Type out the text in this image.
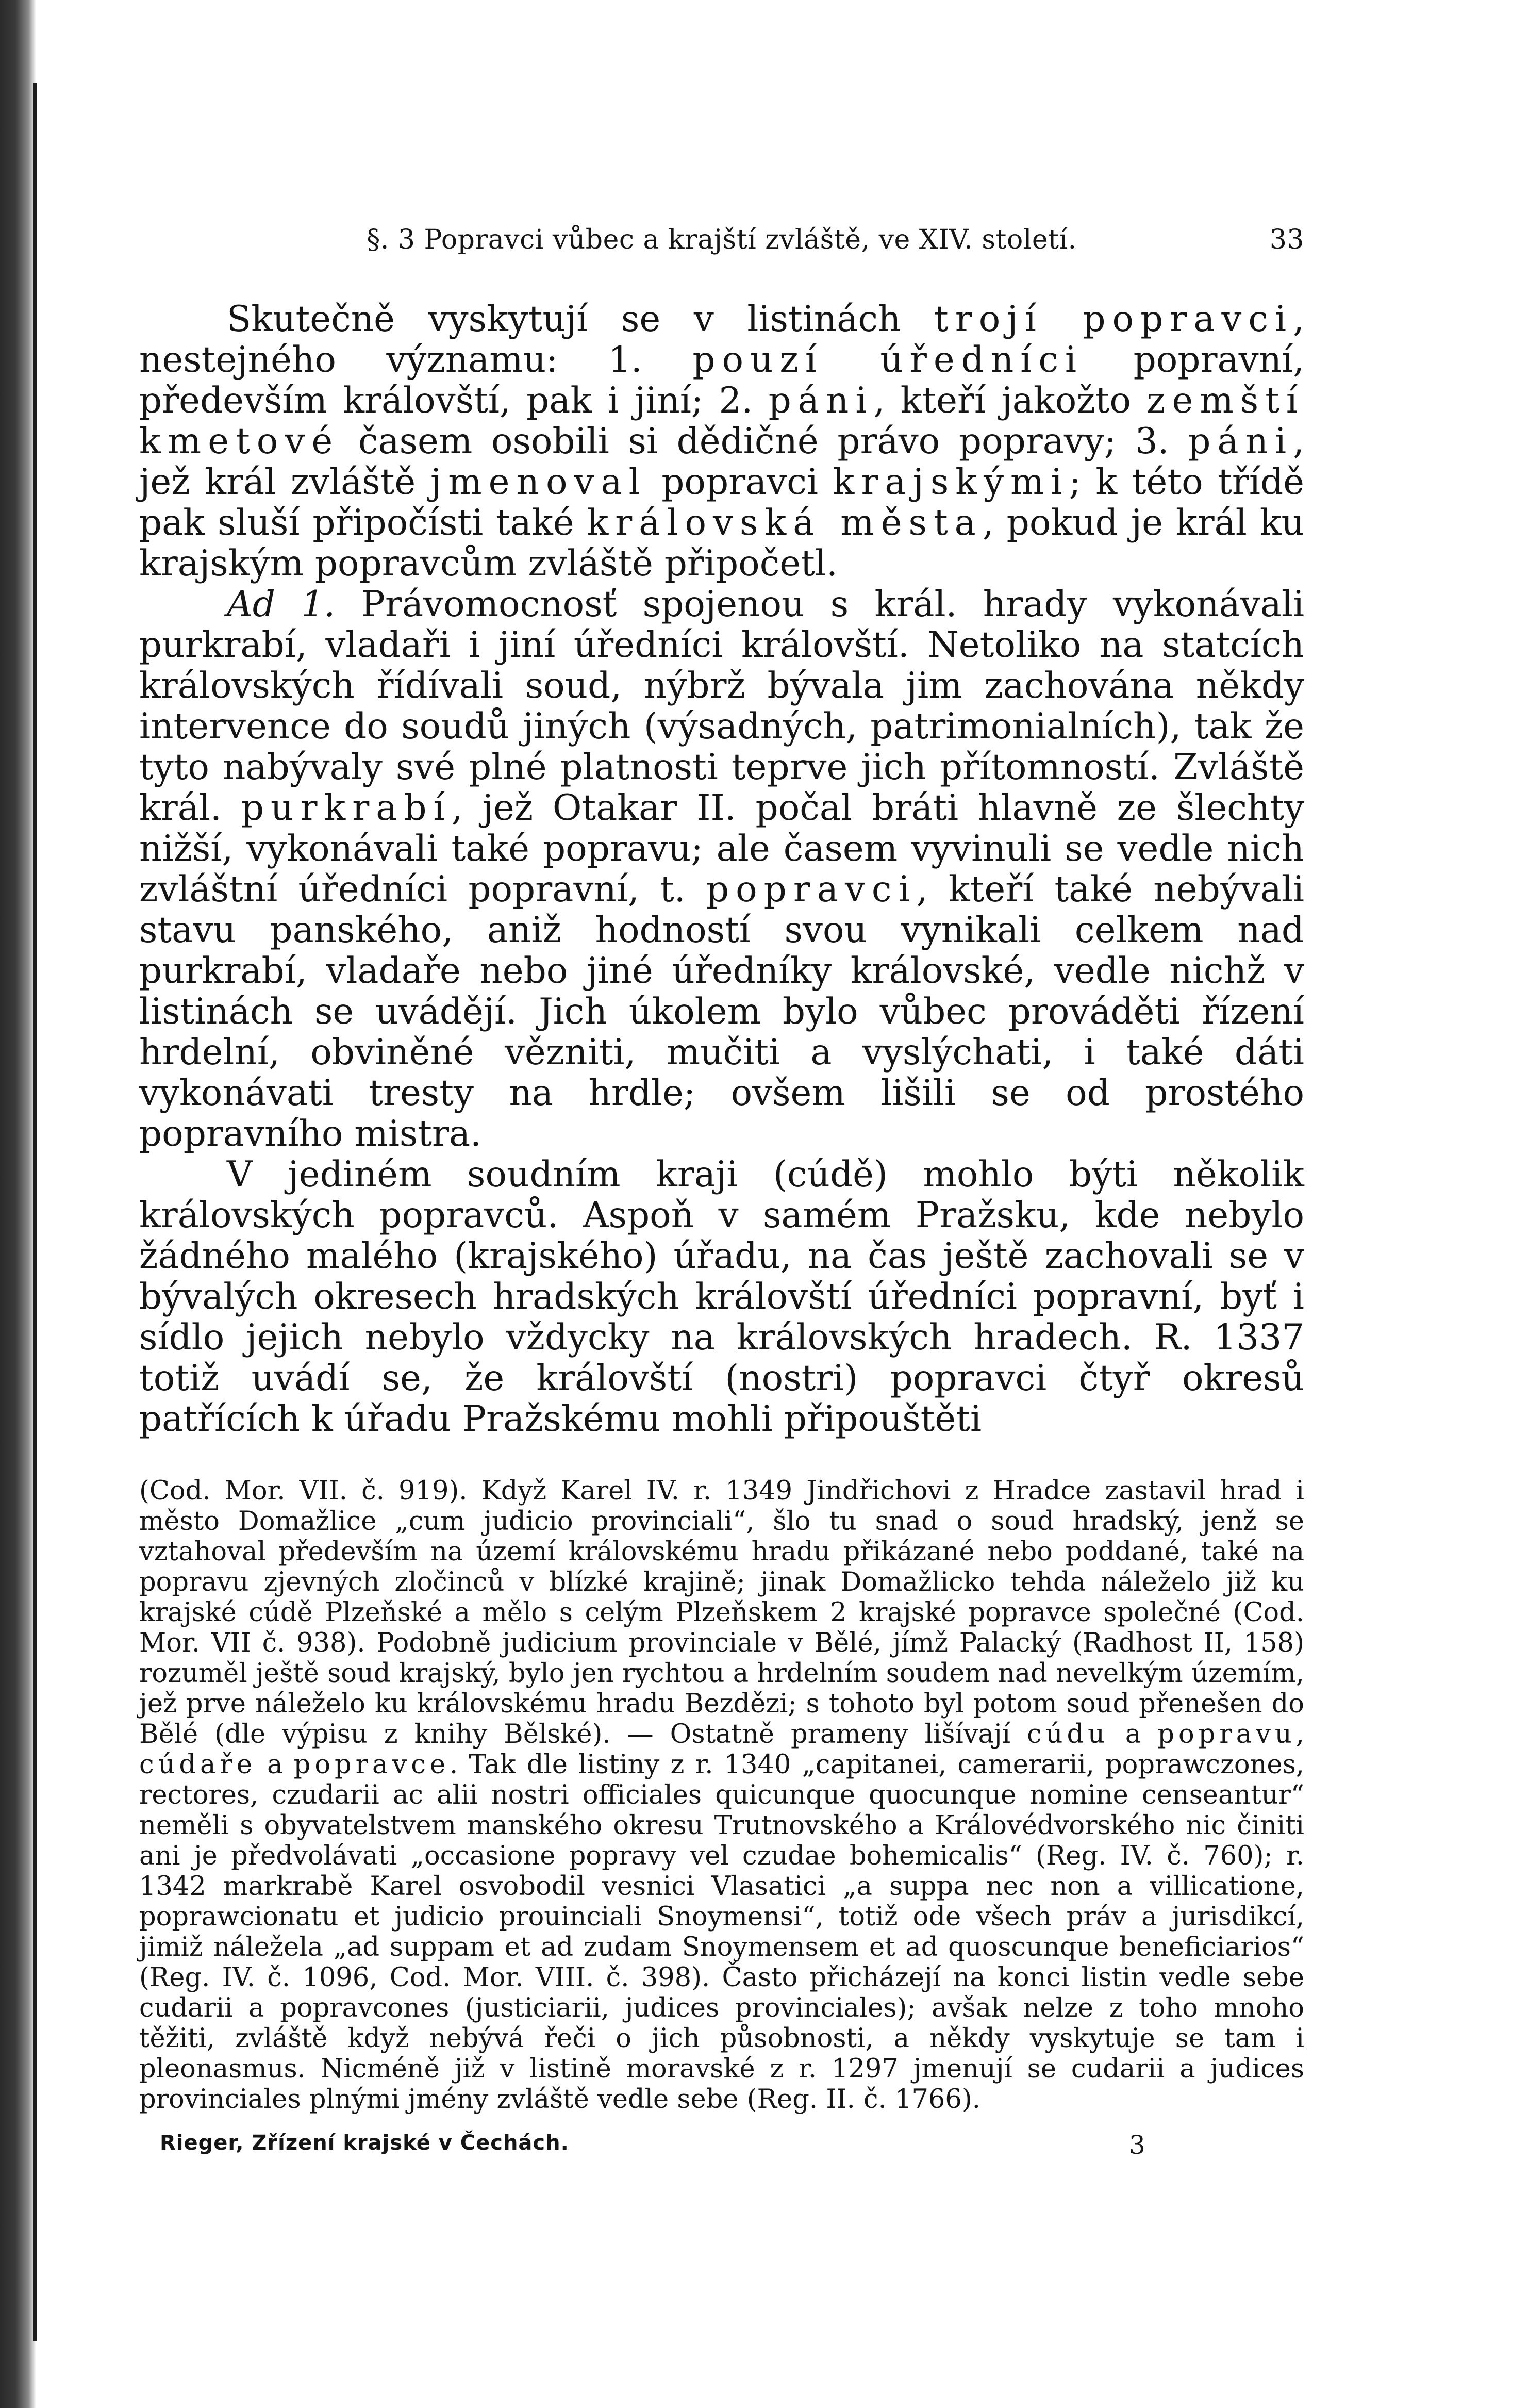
§. 3 Popravci vůbec a krajští zvláště, ve XIV. století.	33

Skutečně vyskytují se v listinách trojí popravci, nestejného významu: 1. pouzí úředníci popravní, především královští, pak i jiní; 2. páni, kteří jakožto zemští kmetové časem osobili si dědičné právo popravy; 3. páni, jež král zvláště jmenoval popravci krajskými; k této třídě pak sluší připočísti také královská města, pokud je král ku krajským popravcům zvláště připočetl.

Ad 1. Právomocnosť spojenou s král. hrady vykonávali purkrabí, vladaři i jiní úředníci královští. Netoliko na statcích královských řídívali soud, nýbrž bývala jim zachována někdy intervence do soudů jiných (výsadných, patrimonialních), tak že tyto nabývaly své plné platnosti teprve jich přítomností. Zvláště král. purkrabí, jež Otakar II. počal bráti hlavně ze šlechty nižší, vykonávali také popravu; ale časem vyvinuli se vedle nich zvláštní úředníci popravní, t. popravci, kteří také nebývali stavu panského, aniž hodností svou vynikali celkem nad purkrabí, vladaře nebo jiné úředníky královské, vedle nichž v listinách se uvádějí. Jich úkolem bylo vůbec prováděti řízení hrdelní, obviněné vězniti, mučiti a vyslýchati, i také dáti vykonávati tresty na hrdle; ovšem lišili se od prostého popravního mistra.

V jediném soudním kraji (cúdě) mohlo býti několik královských popravců. Aspoň v samém Pražsku, kde nebylo žádného malého (krajského) úřadu, na čas ještě zachovali se v bývalých okresech hradských královští úředníci popravní, byť i sídlo jejich nebylo vždycky na královských hradech. R. 1337 totiž uvádí se, že královští (nostri) popravci čtyř okresů patřících k úřadu Pražskému mohli připouštěti

(Cod. Mor. VII. č. 919). Když Karel IV. r. 1349 Jindřichovi z Hradce zastavil hrad i město Domažlice „cum judicio provinciali“, šlo tu snad o soud hradský, jenž se vztahoval především na území královskému hradu přikázané nebo poddané, také na popravu zjevných zločinců v blízké krajině; jinak Domažlicko tehda náleželo již ku krajské cúdě Plzeňské a mělo s celým Plzeňskem 2 krajské popravce společné (Cod. Mor. VII č. 938). Podobně judicium provinciale v Bělé, jímž Palacký (Radhost II, 158) rozuměl ještě soud krajský, bylo jen rychtou a hrdelním soudem nad nevelkým územím, jež prve náleželo ku královskému hradu Bezdězi; s tohoto byl potom soud přenešen do Bělé (dle výpisu z knihy Bělské). — Ostatně prameny lišívají cúdu a popravu, cúdaře a popravce. Tak dle listiny z r. 1340 „capitanei, camerarii, poprawczones, rectores, czudarii ac alii nostri officiales quicunque quocunque nomine censeantur“ neměli s obyvatelstvem manského okresu Trutnovského a Královédvorského nic činiti ani je předvolávati „occasione popravy vel czudae bohemicalis“ (Reg. IV. č. 760); r. 1342 markrabě Karel osvobodil vesnici Vlasatici „a suppa nec non a villicatione, poprawcionatu et judicio prouinciali Snoymensi“, totiž ode všech práv a jurisdikcí, jimiž náležela „ad suppam et ad zudam Snoymensem et ad quoscunque beneficiarios“ (Reg. IV. č. 1096, Cod. Mor. VIII. č. 398). Často přicházejí na konci listin vedle sebe cudarii a popravcones (justiciarii, judices provinciales); avšak nelze z toho mnoho těžiti, zvláště když nebývá řeči o jich působnosti, a někdy vyskytuje se tam i pleonasmus. Nicméně již v listině moravské z r. 1297 jmenují se cudarii a judices provinciales plnými jmény zvláště vedle sebe (Reg. II. č. 1766).

Rieger, Zřízení krajské v Čechách.	3
